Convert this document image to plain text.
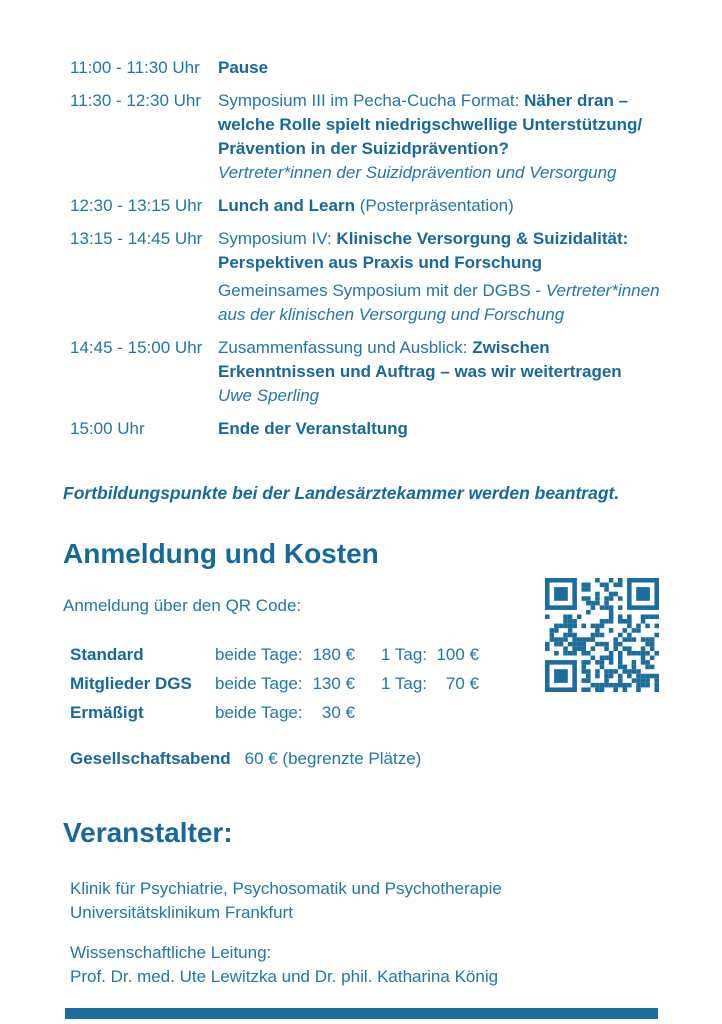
11:00 - 11:30 Uhr	Pause
11:30 - 12:30 Uhr Symposium III im Pecha-Cucha Format: Näher dran – welche Rolle spielt niedrigschwellige Unterstützung/ Prävention in der Suizidprävention?
Vertreter*innen der Suizidprävention und Versorgung
12:30 - 13:15 Uhr Lunch and Learn (Posterpräsentation)
13:15 - 14:45 Uhr Symposium IV: Klinische Versorgung & Suizidalität: Perspektiven aus Praxis und Forschung
Gemeinsames Symposium mit der DGBS - Vertreter*innen aus der klinischen Versorgung und Forschung
14:45 - 15:00 Uhr Zusammenfassung und Ausblick: Zwischen Erkenntnissen und Auftrag – was wir weitertragen
Uwe Sperling
15:00 Uhr	Ende der Veranstaltung
Fortbildungspunkte bei der Landesärztekammer werden beantragt.
Anmeldung und Kosten
Anmeldung über den QR Code:
Standard	beide Tage: 180 € 1 Tag: 100 €
Mitglieder DGS	beide Tage: 130 € 1 Tag:	70 €
Ermäßigt	beide Tage:	30 €
Gesellschaftsabend 60 € (begrenzte Plätze)
Veranstalter:
Klinik für Psychiatrie, Psychosomatik und Psychotherapie
Universitätsklinikum Frankfurt
Wissenschaftliche Leitung:
Prof. Dr. med. Ute Lewitzka und Dr. phil. Katharina König
